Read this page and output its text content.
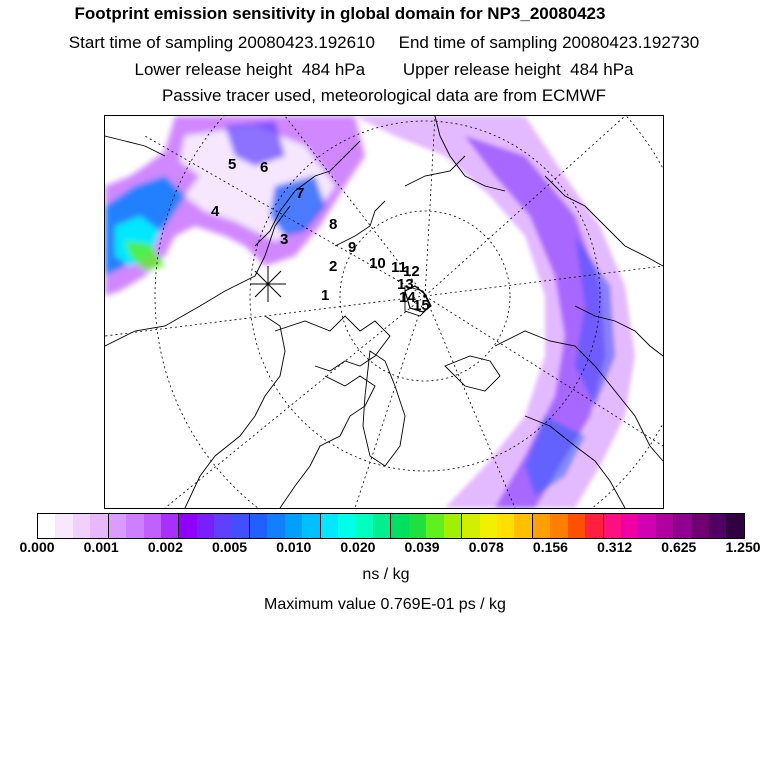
Footprint emission sensitivity in global domain for NP3_20080423
Start time of sampling 20080423.192610     End time of sampling 20080423.192730
Lower release height  484 hPa        Upper release height  484 hPa
Passive tracer used, meteorological data are from ECMWF
1
2
3
4
5 6
7
8
9
10 11
12
13
14
15
0.000 0.001 0.002 0.005 0.010 0.020 0.039 0.078 0.156 0.312 0.625 1.250
ns / kg
Maximum value 0.769E-01 ps / kg
